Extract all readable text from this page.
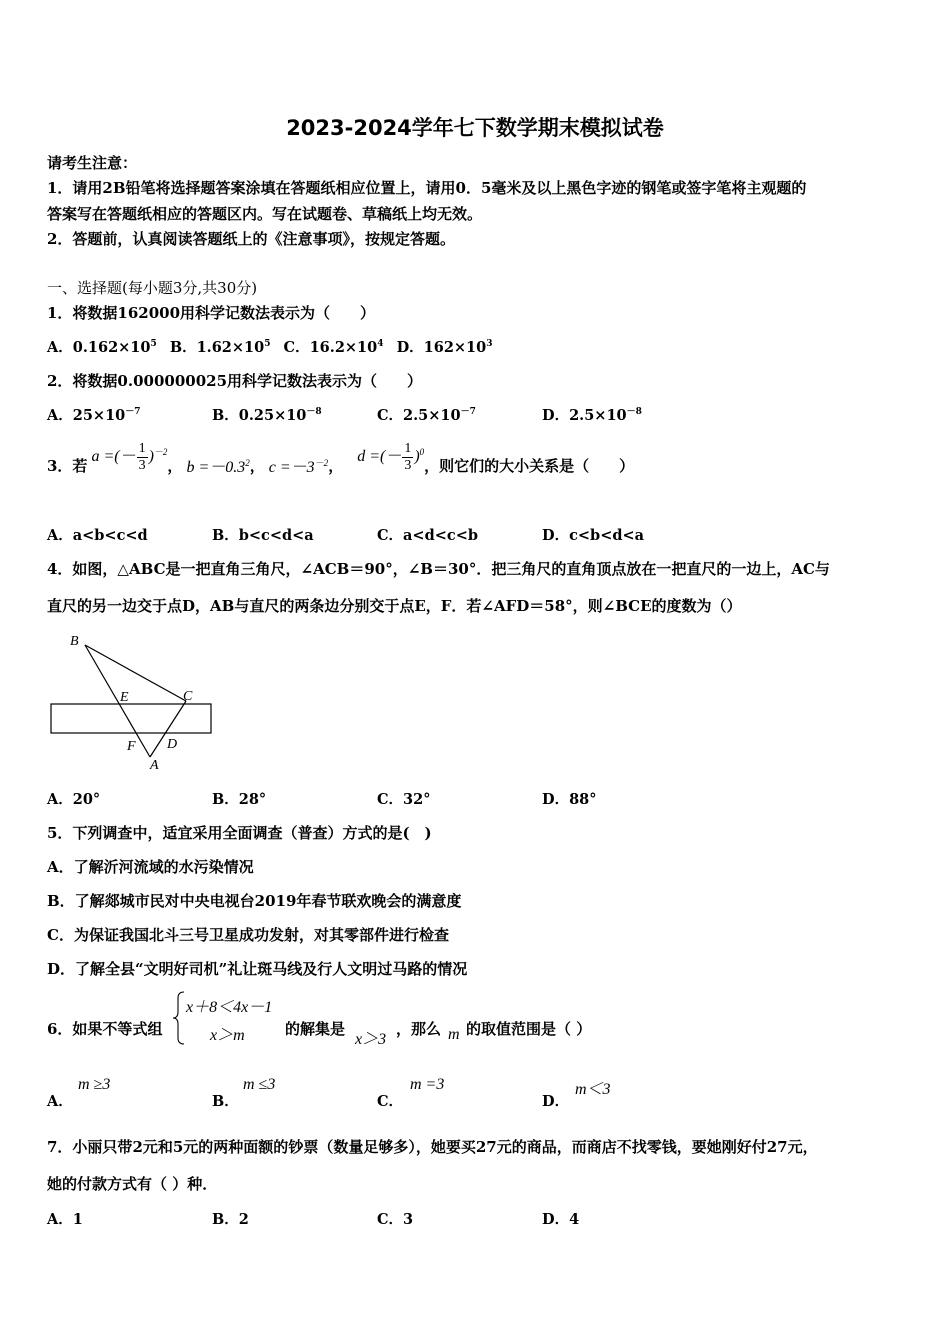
2023-2024学年七下数学期末模拟试卷
请考生注意：
1．请用2B铅笔将选择题答案涂填在答题纸相应位置上，请用0．5毫米及以上黑色字迹的钢笔或签字笔将主观题的
答案写在答题纸相应的答题区内。写在试题卷、草稿纸上均无效。
2．答题前，认真阅读答题纸上的《注意事项》，按规定答题。
一、选择题(每小题3分,共30分)
1．将数据162000用科学记数法表示为（　　）
A．$0.162\times 10^5$ B．$1.62\times 10^5$ C．$16.2\times 10^4$ D．$162\times 10^3$
2．将数据0.000000025用科学记数法表示为（　　）
A．$25\times 10^{-7}$	B．$0.25\times 10^{-8}$	C．$2.5\times 10^{-7}$	D．$2.5\times 10^{-8}$
3．若
a =(－ $\frac{1}{3} )^{-2}$
， $b =-0.3^2$ ， $c =-3^{-2}$ ，
d =(－ $\frac{1}{3} )^0$
，则它们的大小关系是（　　）
A．a<b<c<d	B．b<c<d<a	C．a<d<c<b	D．c<b<d<a
4．如图，△ABC是一把直角三角尺，∠ACB＝90°，∠B＝30°．把三角尺的直角顶点放在一把直尺的一边上，AC与
直尺的另一边交于点D，AB与直尺的两条边分别交于点E，F．若∠AFD＝58°，则∠BCE的度数为（）
B
E	C
F D
A
A．20°	B．28°	C．32°	D．88°
5．下列调查中，适宜采用全面调查（普查）方式的是(　)
A．了解沂河流域的水污染情况
B．了解郯城市民对中央电视台2019年春节联欢晚会的满意度
C．为保证我国北斗三号卫星成功发射，对其零部件进行检查
D．了解全县“文明好司机”礼让斑马线及行人文明过马路的情况
6．如果不等式组
x＋8＜4x－1
x＞m	的解集是
x＞3
，那么 m 的取值范围是（ ）
A．
m ≥3
B．
m ≤3
C．
m =3
D．
m＜3
7．小丽只带2元和5元的两种面额的钞票（数量足够多），她要买27元的商品，而商店不找零钱，要她刚好付27元，
她的付款方式有（ ）种．
A．1	B．2	C．3	D．4
